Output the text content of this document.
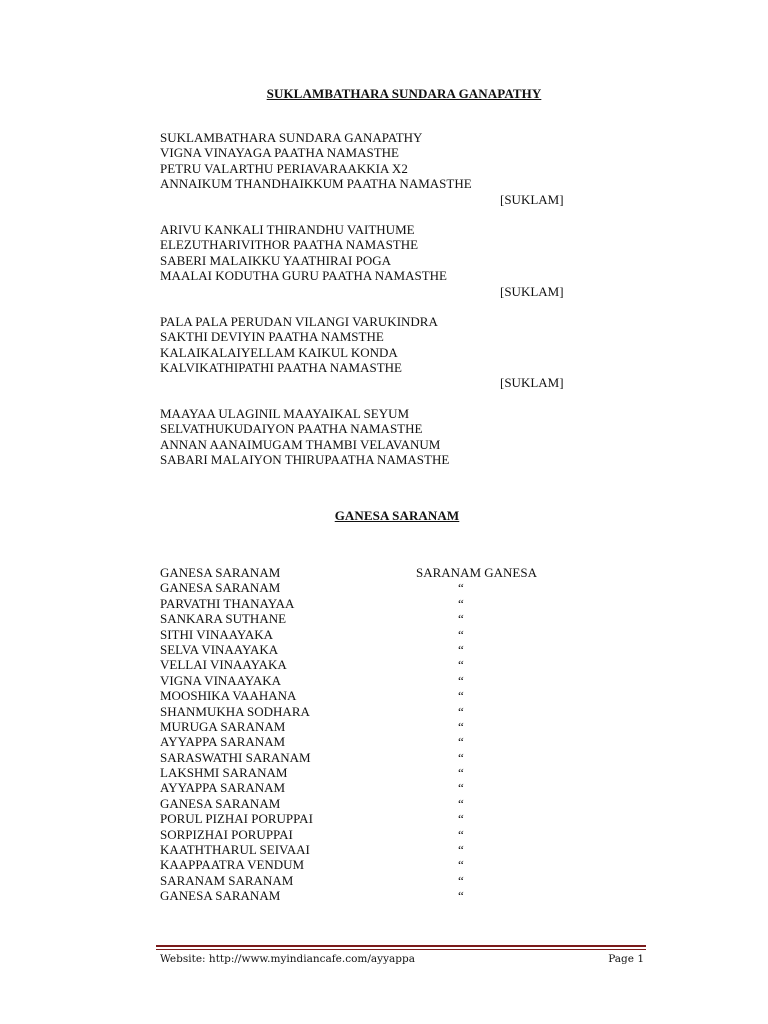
SUKLAMBATHARA SUNDARA GANAPATHY
SUKLAMBATHARA SUNDARA GANAPATHY
VIGNA VINAYAGA PAATHA NAMASTHE
PETRU VALARTHU PERIAVARAAKKIA X2
ANNAIKUM THANDHAIKKUM PAATHA NAMASTHE
[SUKLAM]
ARIVU KANKALI THIRANDHU VAITHUME
ELEZUTHARIVITHOR PAATHA NAMASTHE
SABERI MALAIKKU YAATHIRAI POGA
MAALAI KODUTHA GURU PAATHA NAMASTHE
[SUKLAM]
PALA PALA PERUDAN VILANGI VARUKINDRA
SAKTHI DEVIYIN PAATHA NAMSTHE
KALAIKALAIYELLAM KAIKUL KONDA
KALVIKATHIPATHI PAATHA NAMASTHE
[SUKLAM]
MAAYAA ULAGINIL MAAYAIKAL SEYUM
SELVATHUKUDAIYON PAATHA NAMASTHE
ANNAN AANAIMUGAM THAMBI VELAVANUM
SABARI MALAIYON THIRUPAATHA NAMASTHE
GANESA SARANAM
GANESA SARANAM	SARANAM GANESA
GANESA SARANAM	“
PARVATHI THANAYAA	“
SANKARA SUTHANE	“
SITHI VINAAYAKA	“
SELVA VINAAYAKA	“
VELLAI VINAAYAKA	“
VIGNA VINAAYAKA	“
MOOSHIKA VAAHANA	“
SHANMUKHA SODHARA	“
MURUGA SARANAM	“
AYYAPPA SARANAM	“
SARASWATHI SARANAM	“
LAKSHMI SARANAM	“
AYYAPPA SARANAM	“
GANESA SARANAM	“
PORUL PIZHAI PORUPPAI	“
SORPIZHAI PORUPPAI	“
KAATHTHARUL SEIVAAI	“
KAAPPAATRA VENDUM	“
SARANAM SARANAM	“
GANESA SARANAM	“
Website: http://www.myindiancafe.com/ayyappa	Page 1
